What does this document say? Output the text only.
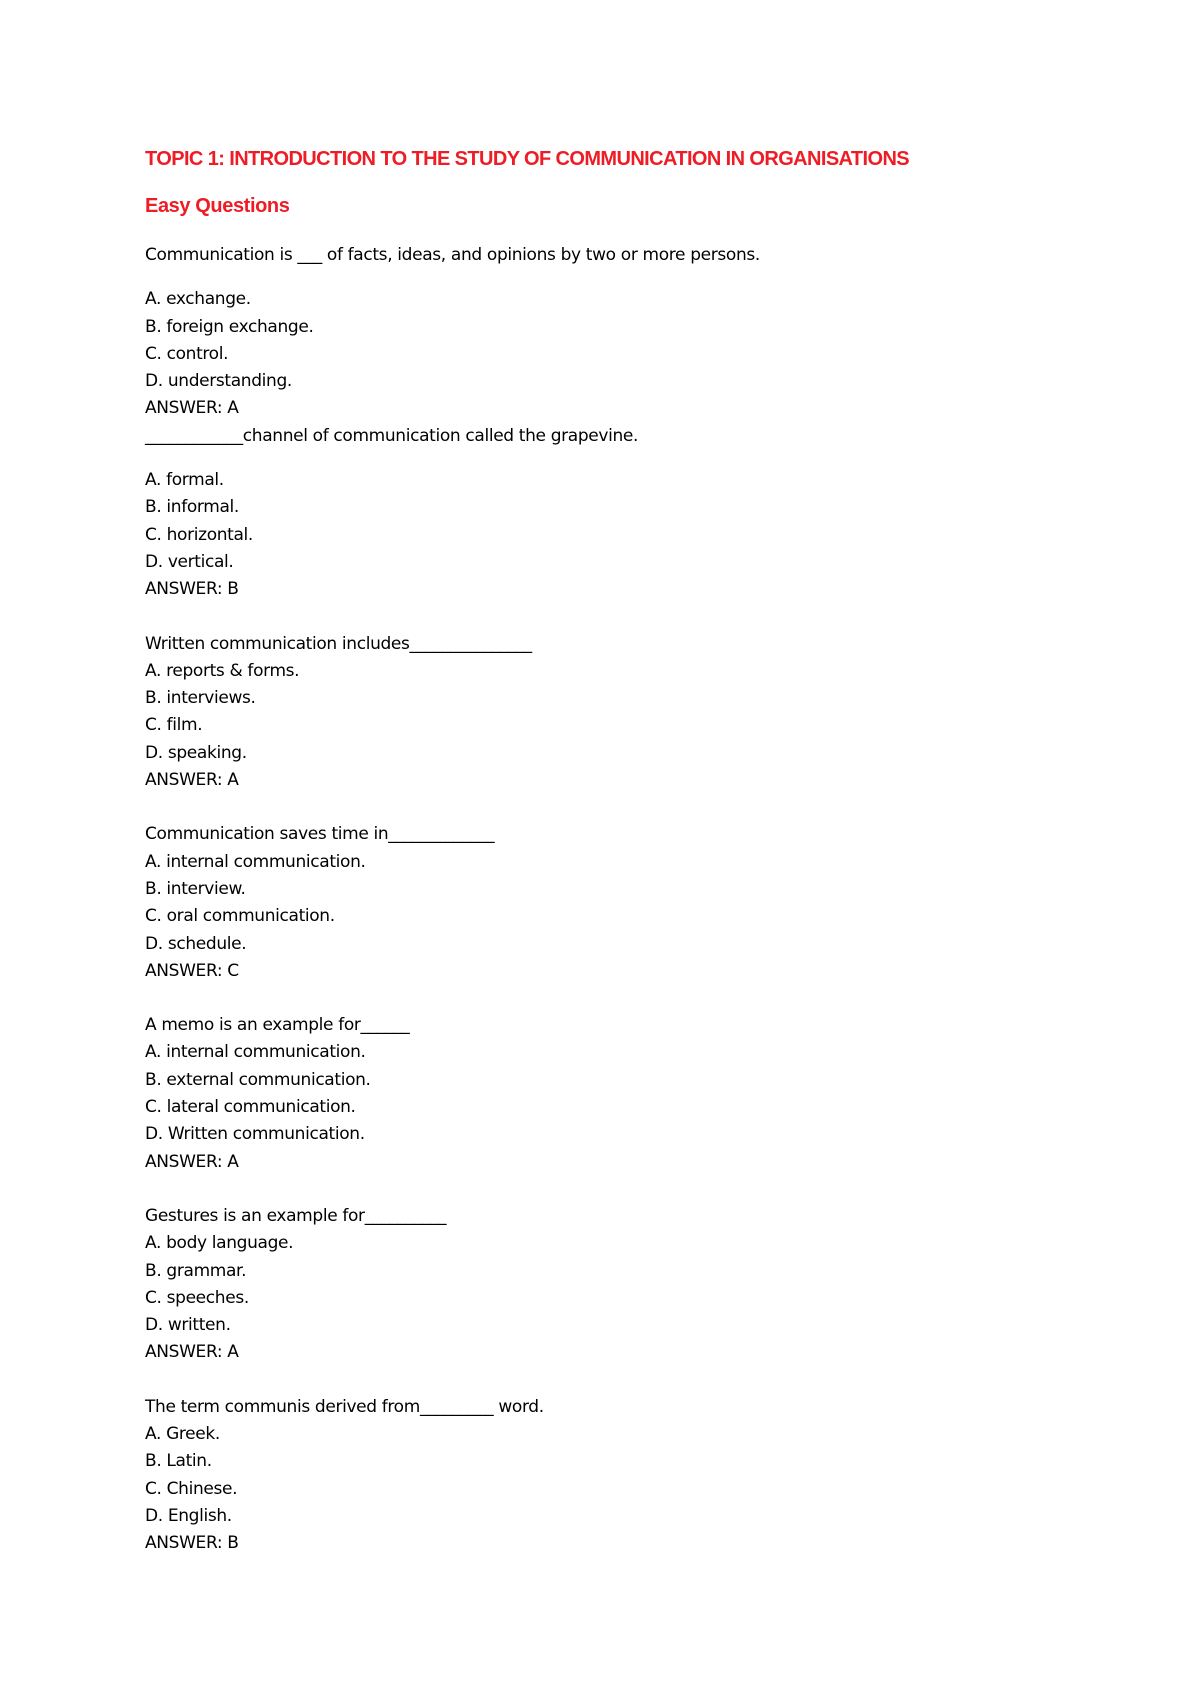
TOPIC 1: INTRODUCTION TO THE STUDY OF COMMUNICATION IN ORGANISATIONS
Easy Questions
Communication is ___ of facts, ideas, and opinions by two or more persons.
A. exchange.
B. foreign exchange.
C. control.
D. understanding.
ANSWER: A
____________channel of communication called the grapevine.
A. formal.
B. informal.
C. horizontal.
D. vertical.
ANSWER: B
Written communication includes_______________
A. reports & forms.
B. interviews.
C. film.
D. speaking.
ANSWER: A
Communication saves time in_____________
A. internal communication.
B. interview.
C. oral communication.
D. schedule.
ANSWER: C
A memo is an example for______
A. internal communication.
B. external communication.
C. lateral communication.
D. Written communication.
ANSWER: A
Gestures is an example for__________
A. body language.
B. grammar.
C. speeches.
D. written.
ANSWER: A
The term communis derived from_________ word.
A. Greek.
B. Latin.
C. Chinese.
D. English.
ANSWER: B
